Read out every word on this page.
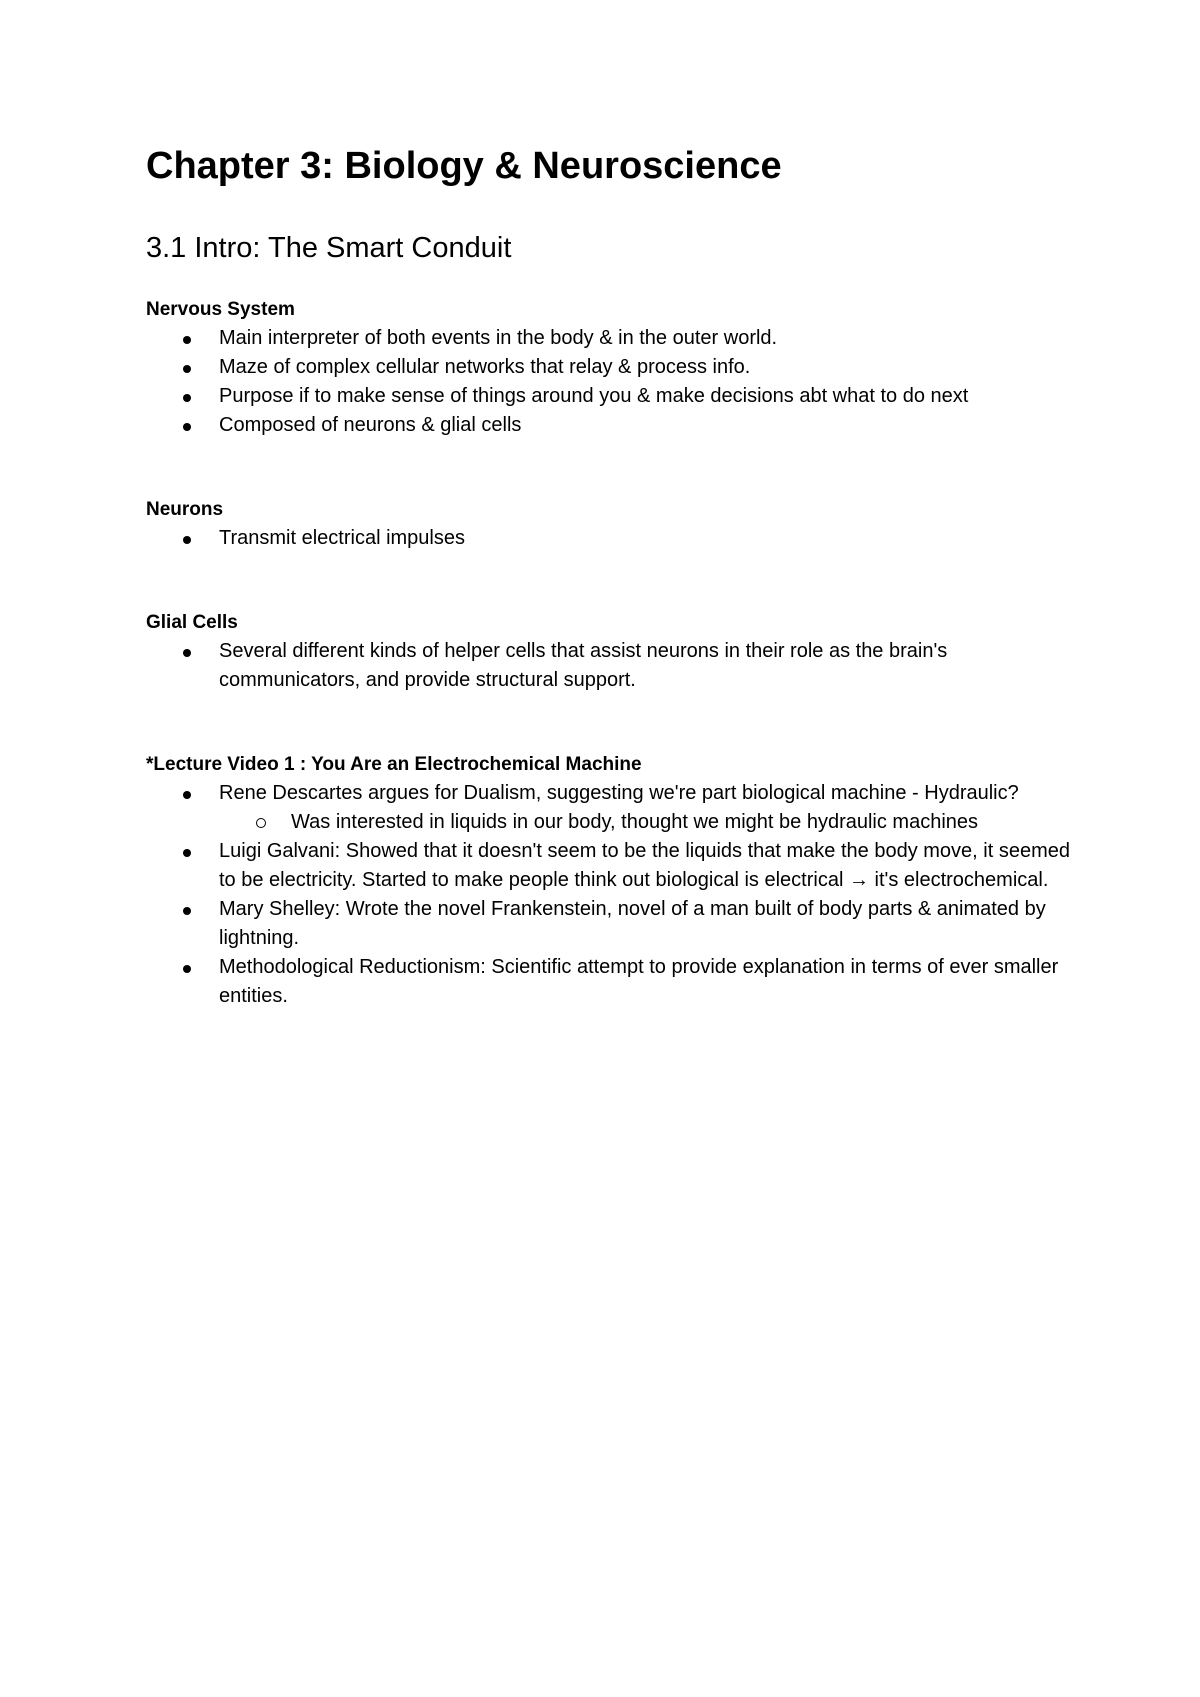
Chapter 3: Biology & Neuroscience
3.1 Intro: The Smart Conduit

Nervous System

Main interpreter of both events in the body & in the outer world.
Maze of complex cellular networks that relay & process info.
Purpose if to make sense of things around you & make decisions abt what to do next
Composed of neurons & glial cells

Neurons

Transmit electrical impulses

Glial Cells

Several different kinds of helper cells that assist neurons in their role as the brain's communicators, and provide structural support.

*Lecture Video 1 : You Are an Electrochemical Machine

Rene Descartes argues for Dualism, suggesting we're part biological machine - Hydraulic?
Was interested in liquids in our body, thought we might be hydraulic machines
Luigi Galvani: Showed that it doesn't seem to be the liquids that make the body move, it seemed to be electricity. Started to make people think out biological is electrical → it's electrochemical.
Mary Shelley: Wrote the novel Frankenstein, novel of a man built of body parts & animated by lightning.
Methodological Reductionism: Scientific attempt to provide explanation in terms of ever smaller entities.
